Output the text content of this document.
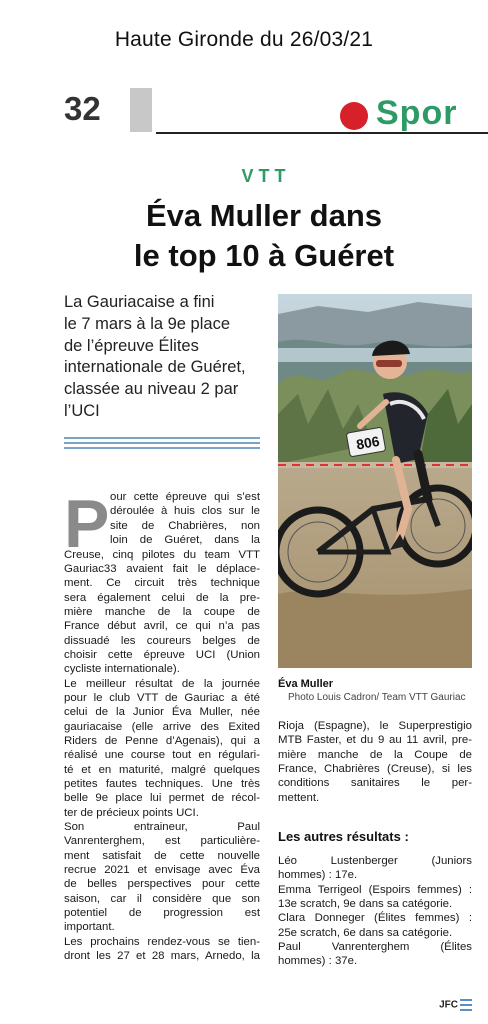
Haute Gironde du 26/03/21
32	Spor
VTT
Éva Muller dans
le top 10 à Guéret
La Gauriacaise a fini
le 7 mars à la 9e place
de l’épreuve Élites
internationale de Guéret,
classée au niveau 2 par
l’UCI
806
Éva Muller
Photo Louis Cadron/ Team VTT Gauriac
P our cette épreuve qui s’est
déroulée à huis clos sur le
site de Chabrières, non
loin de Guéret, dans la
Creuse, cinq pilotes du team VTT
Gauriac33 avaient fait le déplace-
ment. Ce circuit très technique
sera également celui de la pre-
mière manche de la coupe de
France début avril, ce qui n’a pas
dissuadé les coureurs belges de
choisir cette épreuve UCI (Union
cycliste internationale).
Le meilleur résultat de la journée
pour le club VTT de Gauriac a été
celui de la Junior Éva Muller, née
gauriacaise (elle arrive des Exited
Riders de Penne d’Agenais), qui a
réalisé une course tout en régulari-
té et en maturité, malgré quelques
petites fautes techniques. Une très
belle 9e place lui permet de récol-
ter de précieux points UCI.
Son entraineur, Paul
Vanrenterghem, est particulière-
ment satisfait de cette nouvelle
recrue 2021 et envisage avec Éva
de belles perspectives pour cette
saison, car il considère que son
potentiel de progression est
important.
Les prochains rendez-vous se tien-
dront les 27 et 28 mars, Arnedo, la
Rioja (Espagne), le Superprestigio
MTB Faster, et du 9 au 11 avril, pre-
mière manche de la Coupe de
France, Chabrières (Creuse), si les
conditions sanitaires le per-
mettent.
Les autres résultats :
Léo Lustenberger (Juniors
hommes) : 17e.
Emma Terrigeol (Espoirs femmes) :
13e scratch, 9e dans sa catégorie.
Clara Donneger (Élites femmes) :
25e scratch, 6e dans sa catégorie.
Paul Vanrenterghem (Élites
hommes) : 37e.
JFC
